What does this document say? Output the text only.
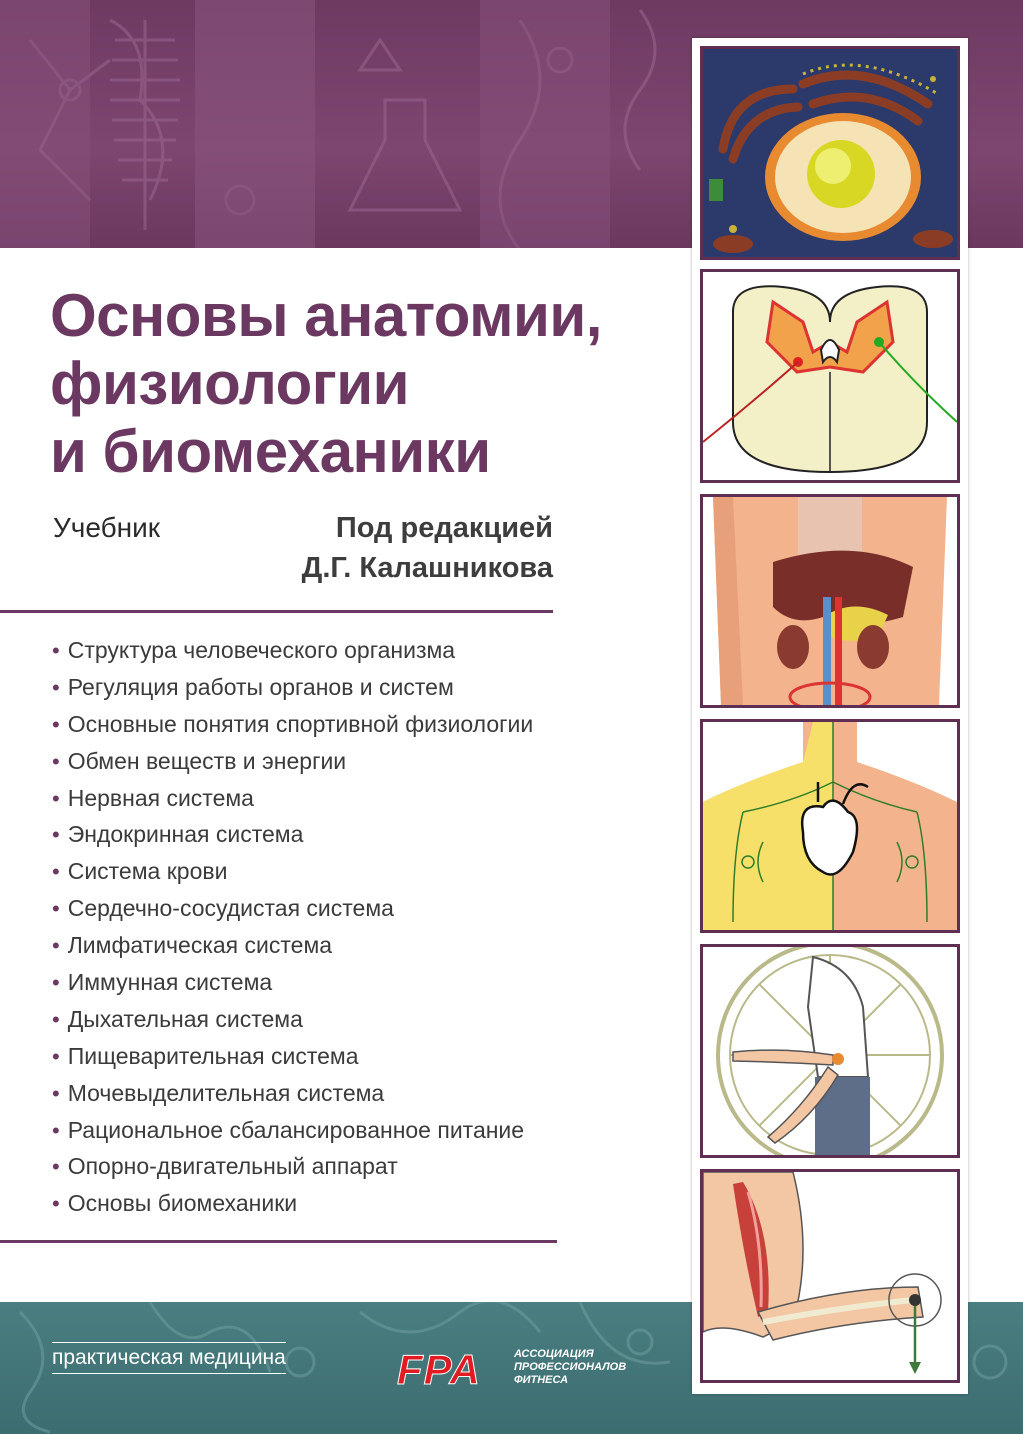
Основы анатомии,
физиологии
и биомеханики
Учебник	Под редакцией
Д.Г. Калашникова
• Структура человеческого организма
• Регуляция работы органов и систем
• Основные понятия спортивной физиологии
• Обмен веществ и энергии
• Нервная система
• Эндокринная система
• Система крови
• Сердечно-сосудистая система
• Лимфатическая система
• Иммунная система
• Дыхательная система
• Пищеварительная система
• Мочевыделительная система
• Рациональное сбалансированное питание
• Опорно-двигательный аппарат
• Основы биомеханики
практическая медицина	FPA	АССОЦИАЦИЯ
ПРОФЕССИОНАЛОВ
ФИТНЕСА
